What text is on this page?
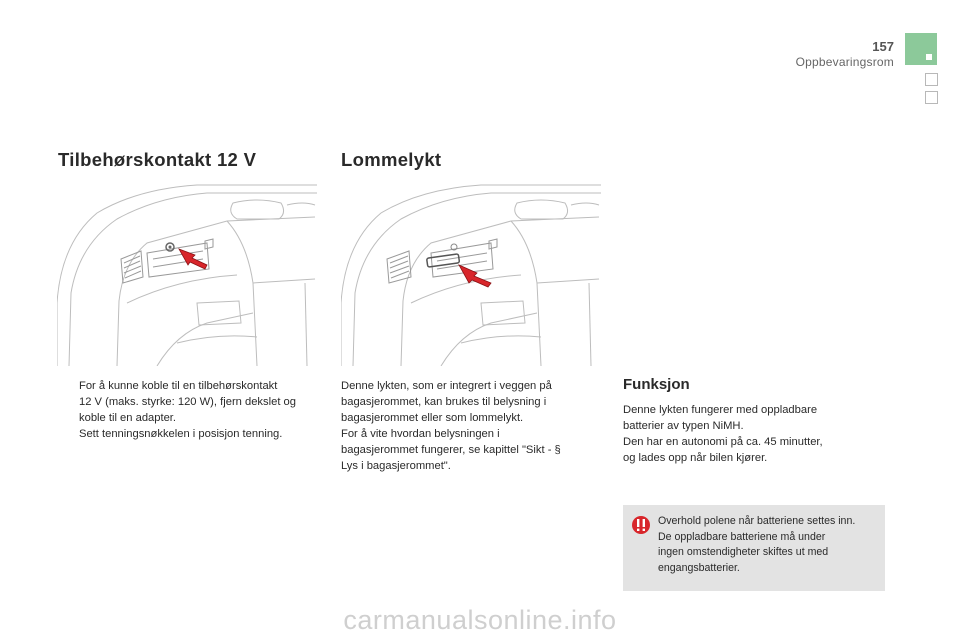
157
Oppbevaringsrom
Tilbehørskontakt 12 V	Lommelykt
For å kunne koble til en tilbehørskontakt
12 V (maks. styrke: 120 W), fjern dekslet og
koble til en adapter.
Sett tenningsnøkkelen i posisjon tenning.
Denne lykten, som er integrert i veggen på
bagasjerommet, kan brukes til belysning i
bagasjerommet eller som lommelykt.
For å vite hvordan belysningen i
bagasjerommet fungerer, se kapittel "Sikt - §
Lys i bagasjerommet".
Funksjon
Denne lykten fungerer med oppladbare
batterier av typen NiMH.
Den har en autonomi på ca. 45 minutter,
og lades opp når bilen kjører.
Overhold polene når batteriene settes inn.
De oppladbare batteriene må under
ingen omstendigheter skiftes ut med
engangsbatterier.
carmanualsonline.info
